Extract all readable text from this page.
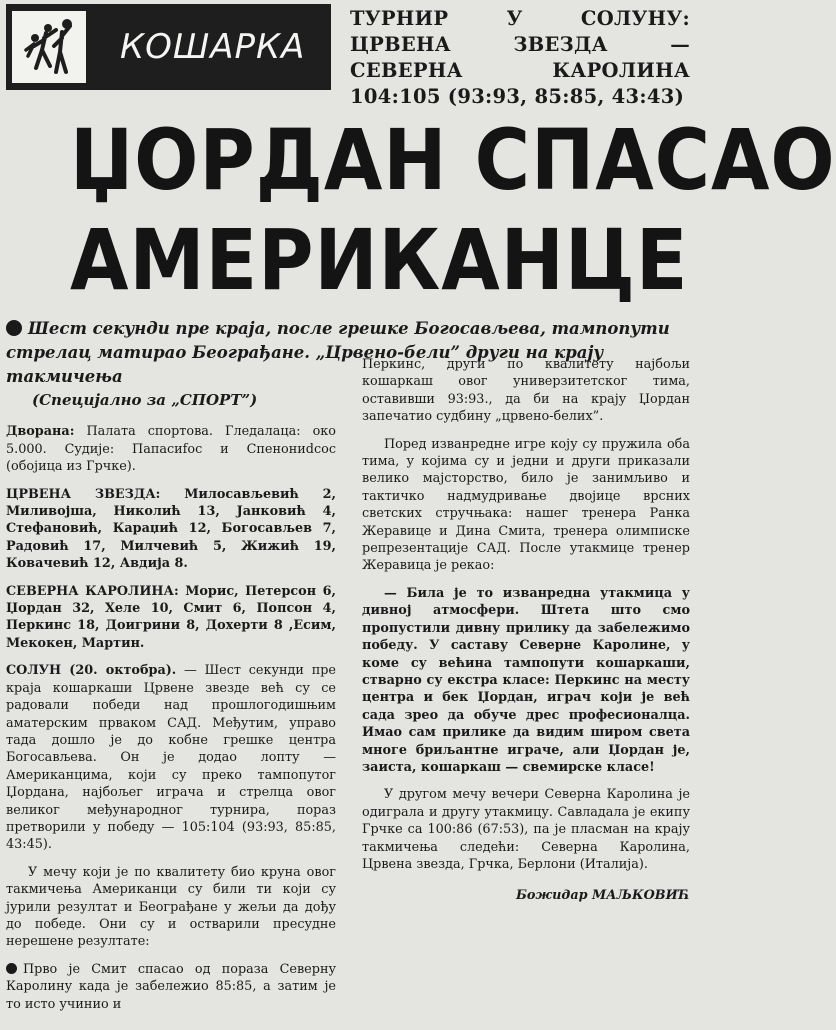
КОШАРКА
ТУРНИР У СОЛУНУ: ЦРВЕНА ЗВЕЗДА — СЕВЕРНА КАРОЛИНА 104:105 (93:93, 85:85, 43:43)
ЏОРДАН СПАСАО
АМЕРИКАНЦЕ
Шест секунди пре краја, после грешке Богосављева, тампопути стрелац матирао Београђане. „Црвено-бели” други на крају такмичења

(Специјално за „СПОРТ”)

Дворана: Палата спортова. Гледалаца: око 5.000. Судије: Папасиfос и Спенониdсос (обојица из Грчке).

ЦРВЕНА ЗВЕЗДА: Милосављевић 2, Миливојша, Николић 13, Јанковић 4, Стефановић, Караџић 12, Богосављев 7, Радовић 17, Милчевић 5, Жижић 19, Ковачевић 12, Авдија 8.

СЕВЕРНА КАРОЛИНА: Морис, Петерсон 6, Џордан 32, Хеле 10, Смит 6, Попсон 4, Перкинс 18, Доигрини 8, Доxерти 8 ,Есим, Мекокен, Мартин.

СОЛУН (20. октобра). — Шест секунди пре краја кошаркаши Црвене звезде већ су се радовали победи над прошлогодишњим аматерским прваком САД. Међутим, управо тада дошло је до кобне грешке центра Богосављева. Он је додао лопту — Американцима, који су преко тампопутог Џордана, најбољег играча и стрелца овог великог међународног турнира, пораз претворили у победу — 105:104 (93:93, 85:85, 43:45).

У мечу који је по квалитету био круна овог такмичења Американци су били ти који су јурили резултат и Београђане у жељи да дођу до победе. Они су и остварили пресудне нерешене резултате:

Прво је Смит спасао од пораза Северну Каролину када је забележио 85:85, а затим је то исто учинио и

Перкинс, други по квалитету најбољи кошаркаш овог универзитетског тима, оставивши 93:93., да би на крају Џордан запечатио судбину „црвено-белих”.

Поред изванредне игре коју су пружила оба тима, у којима су и једни и други приказали велико мајсторство, било је занимљиво и тактичко надмудривање двојице врсних светских стручњака: нашег тренерa Ранка Жеравице и Дина Смита, тренера олимписке репрезентације САД. После утакмице тренер Жеравица је рекао:

— Била је то изванредна утакмица у дивној атмосфери. Штета што смо пропустили дивну прилику да забележимо победу. У саставу Северне Каролине, у коме су већина тампопути кошаркаши, стварно су екстра класе: Перкинс на месту центра и бек Џордан, играч који је већ сада зрео да обуче дрес професионалца. Имао сам прилике да видим широм света многе бриљантне играче, али Џордан је, заиста, кошаркаш — свемирске класе!

У другом мечу вечери Северна Каролина је одиграла и другу утакмицу. Савладала је екипу Грчке са 100:86 (67:53), па је пласман на крају такмичења следећи: Северна Каролина, Црвена звезда, Грчка, Берлони (Италија).

Божидар МАЉКОВИЋ
